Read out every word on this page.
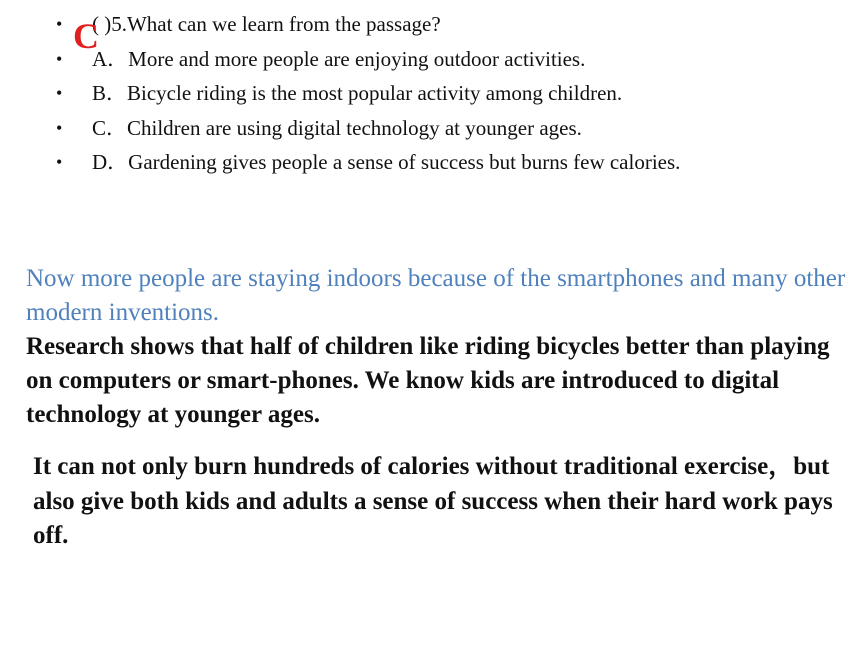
•	( )5.What can we learn from the passage?
•	A．More and more people are enjoying outdoor activities.
•	B．Bicycle riding is the most popular activity among children.
•	C．Children are using digital technology at younger ages.
•	D．Gardening gives people a sense of success but burns few calories.
C

Now more people are staying indoors because of the smartphones and many other modern inventions.

Research shows that half of children like riding bicycles better than playing on computers or smart-phones. We know kids are introduced to digital technology at younger ages.

It can not only burn hundreds of calories without traditional exercise，but also give both kids and adults a sense of success when their hard work pays off.
